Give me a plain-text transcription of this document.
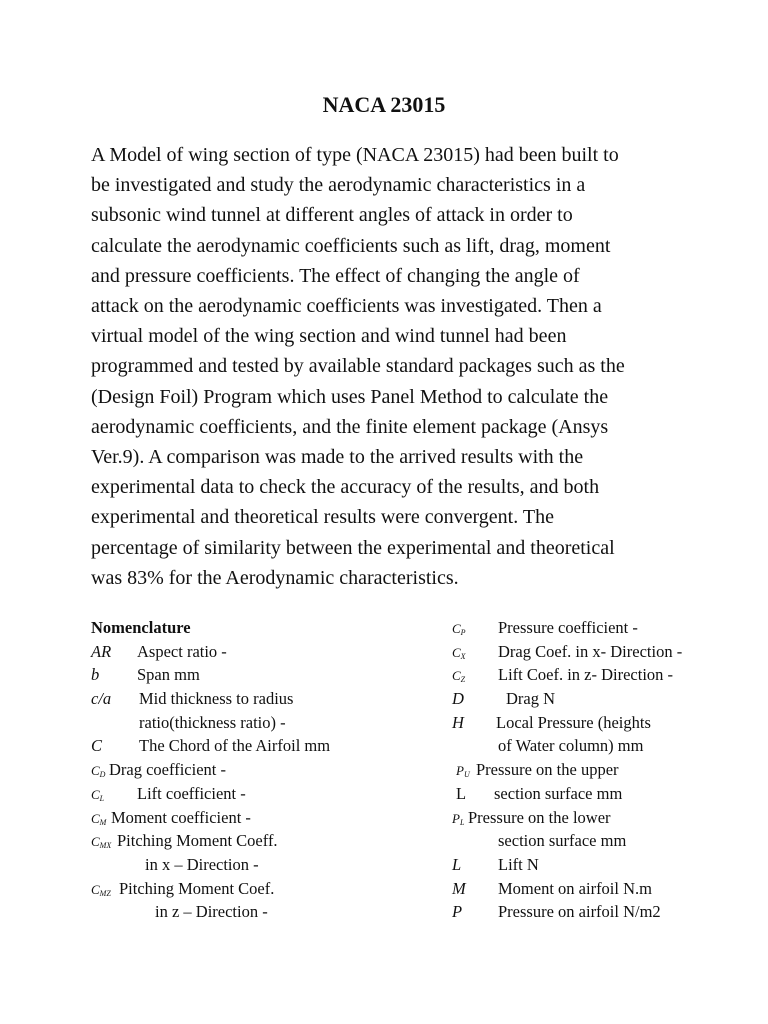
NACA 23015
A Model of wing section of type (NACA 23015) had been built to
be investigated and study the aerodynamic characteristics in a
subsonic wind tunnel at different angles of attack in order to
calculate the aerodynamic coefficients such as lift, drag, moment
and pressure coefficients. The effect of changing the angle of
attack on the aerodynamic coefficients was investigated. Then a
virtual model of the wing section and wind tunnel had been
programmed and tested by available standard packages such as the
(Design Foil) Program which uses Panel Method to calculate the
aerodynamic coefficients, and the finite element package (Ansys
Ver.9). A comparison was made to the arrived results with the
experimental data to check the accuracy of the results, and both
experimental and theoretical results were convergent. The
percentage of similarity between the experimental and theoretical
was 83% for the Aerodynamic characteristics.
Nomenclature
AR Aspect ratio -
b Span mm
c/a Mid thickness to radius
ratio(thickness ratio) -
C The Chord of the Airfoil mm
CD Drag coefficient -
CL Lift coefficient -
CM Moment coefficient -
CMX Pitching Moment Coeff.
in x – Direction -
CMZ Pitching Moment Coef.
in z – Direction -
CP Pressure coefficient -
CX Drag Coef. in x- Direction -
CZ Lift Coef. in z- Direction -
D	Drag N
H Local Pressure (heights
of Water column) mm
PU Pressure on the upper
L section surface mm
PL Pressure on the lower
section surface mm
L Lift N
M Moment on airfoil N.m
P Pressure on airfoil N/m2
